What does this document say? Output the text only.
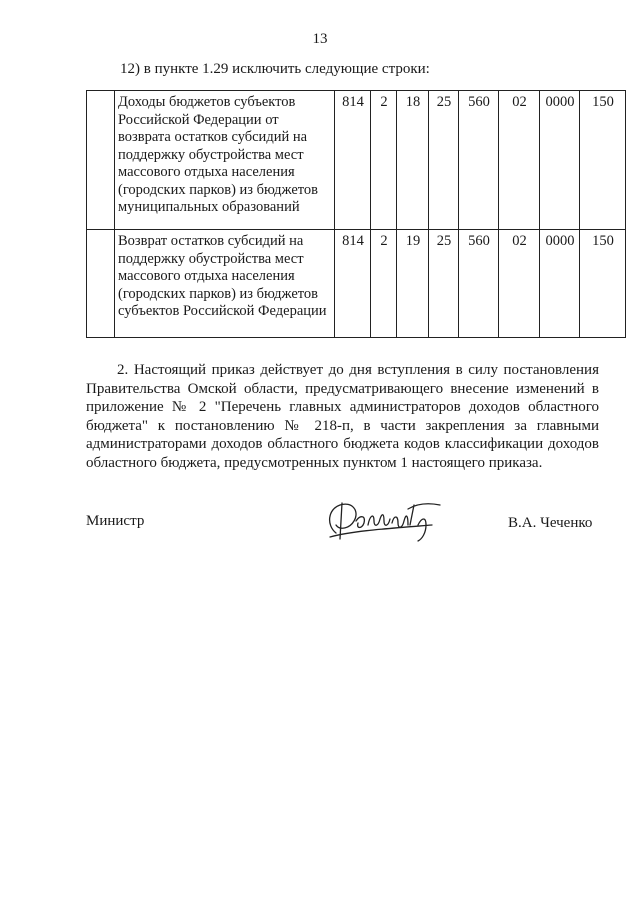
13
12) в пункте 1.29 исключить следующие строки:
	Доходы бюджетов субъектов Российской Федерации от возврата остатков субсидий на поддержку обустройства мест массового отдыха населения (городских парков) из бюджетов муниципальных образований	814	2	18	25	560	02	0000	150
	Возврат остатков субсидий на поддержку обустройства мест массового отдыха населения (городских парков) из бюджетов субъектов Российской Федерации	814	2	19	25	560	02	0000	150
2. Настоящий приказ действует до дня вступления в силу постановления Правительства Омской области, предусматривающего внесение изменений в приложение № 2 "Перечень главных администраторов доходов областного бюджета" к постановлению № 218-п, в части закрепления за главными администраторами доходов областного бюджета кодов классификации доходов областного бюджета, предусмотренных пунктом 1 настоящего приказа.
Министр	В.А. Чеченко
